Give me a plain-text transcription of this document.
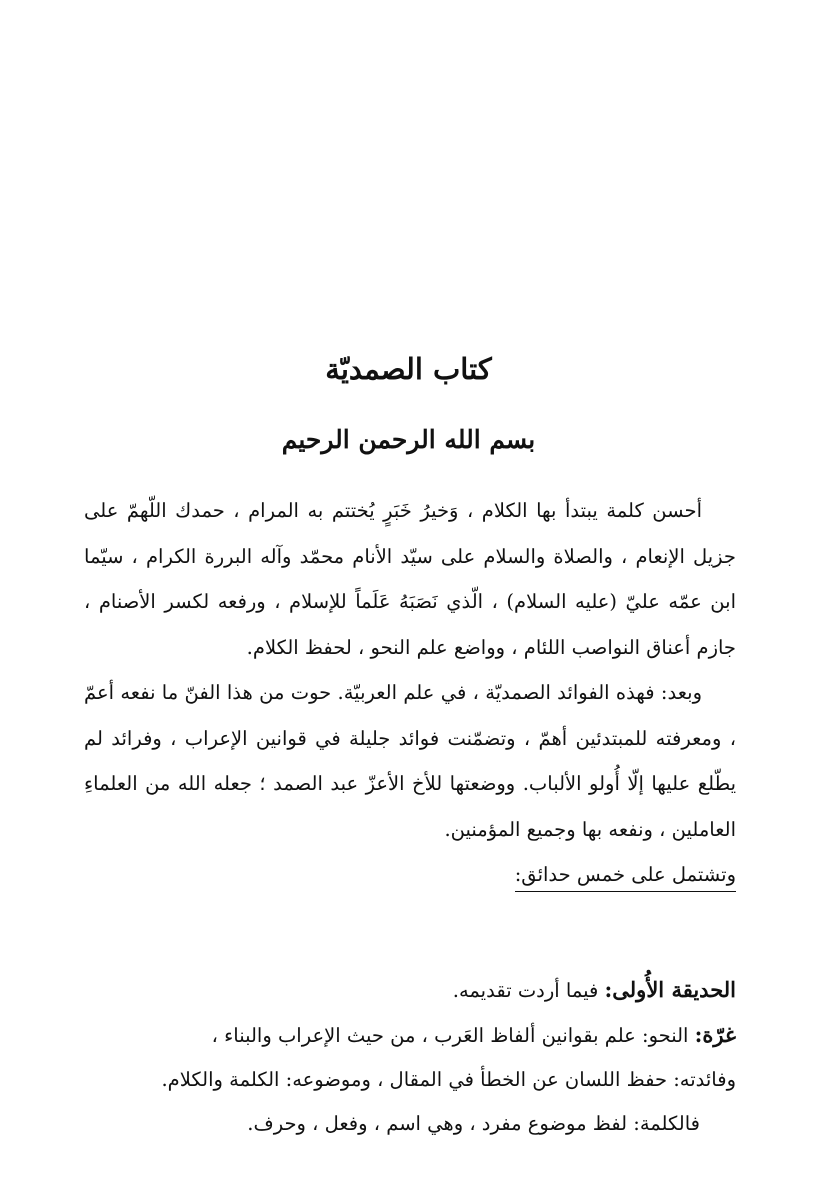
كتاب الصمديّة
بسم الله الرحمن الرحيم

أحسن كلمة يبتدأ بها الكلام ، وَخيرُ خَبَرٍ يُختتم به المرام ، حمدك اللّهمّ على جزيل الإنعام ، والصلاة والسلام على سيّد الأنام محمّد وآله البررة الكرام ، سيّما ابن عمّه عليّ (عليه السلام) ، الّذي نَصَبَهُ عَلَماً للإسلام ، ورفعه لكسر الأصنام ، جازم أعناق النواصب اللئام ، وواضع علم النحو ، لحفظ الكلام.

وبعد: فهذه الفوائد الصمديّة ، في علم العربيّة. حوت من هذا الفنّ ما نفعه أعمّ ، ومعرفته للمبتدئين أهمّ ، وتضمّنت فوائد جليلة في قوانين الإعراب ، وفرائد لم يطّلع عليها إلّا أُولو الألباب. ووضعتها للأخ الأعزّ عبد الصمد ؛ جعله الله من العلماءِ العاملين ، ونفعه بها وجميع المؤمنين.

وتشتمل على خمس حدائق:

الحديقة الأُولى: فيما أردت تقديمه.

غرّة: النحو: علم بقوانين ألفاظ العَرب ، من حيث الإعراب والبناء ،

وفائدته: حفظ اللسان عن الخطأ في المقال ، وموضوعه: الكلمة والكلام.

فالكلمة: لفظ موضوع مفرد ، وهي اسم ، وفعل ، وحرف.
